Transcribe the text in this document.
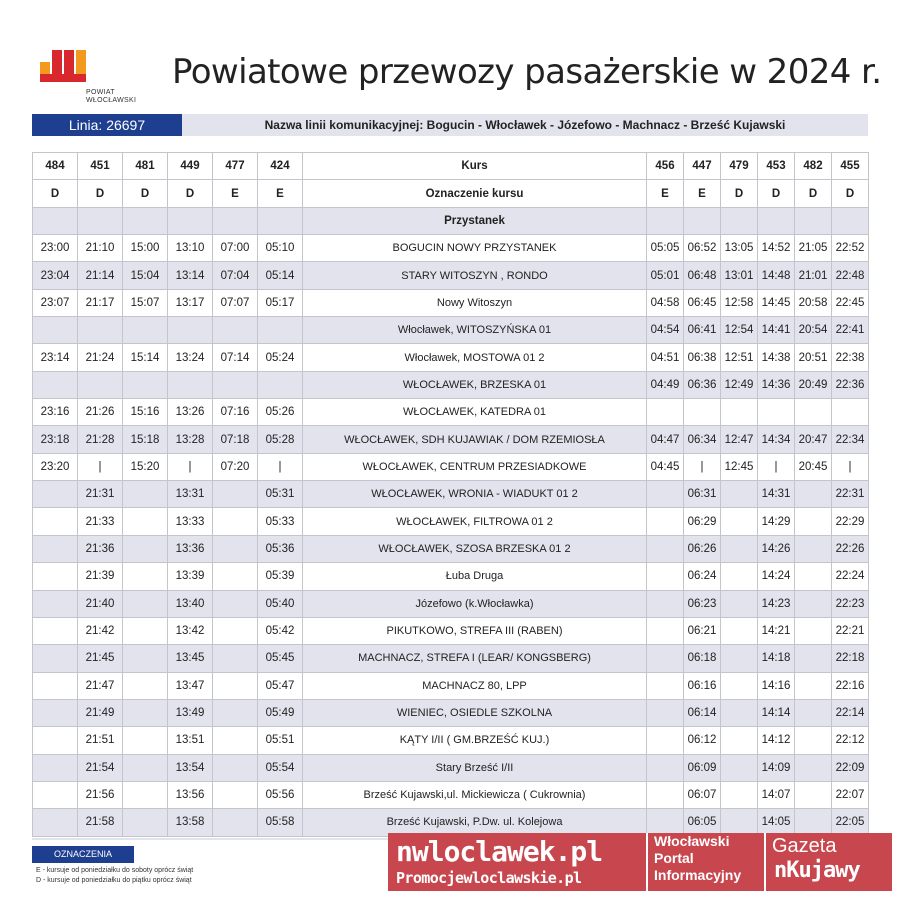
POWIAT
WŁOCŁAWSKI
Powiatowe przewozy pasażerskie w 2024 r.
Linia: 26697	Nazwa linii komunikacyjnej: Bogucin - Włocławek - Józefowo - Machnacz - Brześć Kujawski
484	451	481	449	477	424	Kurs	456	447	479	453	482	455
D	D	D	D	E	E	Oznaczenie kursu	E	E	D	D	D	D
						Przystanek						
23:00	21:10	15:00	13:10	07:00	05:10	BOGUCIN NOWY PRZYSTANEK	05:05	06:52	13:05	14:52	21:05	22:52
23:04	21:14	15:04	13:14	07:04	05:14	STARY WITOSZYN , RONDO	05:01	06:48	13:01	14:48	21:01	22:48
23:07	21:17	15:07	13:17	07:07	05:17	Nowy Witoszyn	04:58	06:45	12:58	14:45	20:58	22:45
						Włocławek, WITOSZYŃSKA 01	04:54	06:41	12:54	14:41	20:54	22:41
23:14	21:24	15:14	13:24	07:14	05:24	Włocławek, MOSTOWA 01 2	04:51	06:38	12:51	14:38	20:51	22:38
						WŁOCŁAWEK, BRZESKA 01	04:49	06:36	12:49	14:36	20:49	22:36
23:16	21:26	15:16	13:26	07:16	05:26	WŁOCŁAWEK, KATEDRA 01						
23:18	21:28	15:18	13:28	07:18	05:28	WŁOCŁAWEK, SDH KUJAWIAK / DOM RZEMIOSŁA	04:47	06:34	12:47	14:34	20:47	22:34
23:20	|	15:20	|	07:20	|	WŁOCŁAWEK, CENTRUM PRZESIADKOWE	04:45	|	12:45	|	20:45	|
	21:31		13:31		05:31	WŁOCŁAWEK, WRONIA - WIADUKT 01 2		06:31		14:31		22:31
	21:33		13:33		05:33	WŁOCŁAWEK, FILTROWA 01 2		06:29		14:29		22:29
	21:36		13:36		05:36	WŁOCŁAWEK, SZOSA BRZESKA 01 2		06:26		14:26		22:26
	21:39		13:39		05:39	Łuba Druga		06:24		14:24		22:24
	21:40		13:40		05:40	Józefowo (k.Włocławka)		06:23		14:23		22:23
	21:42		13:42		05:42	PIKUTKOWO, STREFA III (RABEN)		06:21		14:21		22:21
	21:45		13:45		05:45	MACHNACZ, STREFA I (LEAR/ KONGSBERG)		06:18		14:18		22:18
	21:47		13:47		05:47	MACHNACZ 80, LPP		06:16		14:16		22:16
	21:49		13:49		05:49	WIENIEC, OSIEDLE SZKOLNA		06:14		14:14		22:14
	21:51		13:51		05:51	KĄTY I/II ( GM.BRZEŚĆ KUJ.)		06:12		14:12		22:12
	21:54		13:54		05:54	Stary Brześć I/II		06:09		14:09		22:09
	21:56		13:56		05:56	Brześć Kujawski,ul. Mickiewicza ( Cukrownia)		06:07		14:07		22:07
	21:58		13:58		05:58	Brześć Kujawski, P.Dw. ul. Kolejowa		06:05		14:05		22:05
OZNACZENIA
E - kursuje od poniedziałku do soboty oprócz świąt
D - kursuje od poniedziałku do piątku oprócz świąt
nwloclawek.pl
Promocjewloclawskie.pl
Włocławski
Portal
Informacyjny
Gazeta
nKujawy
